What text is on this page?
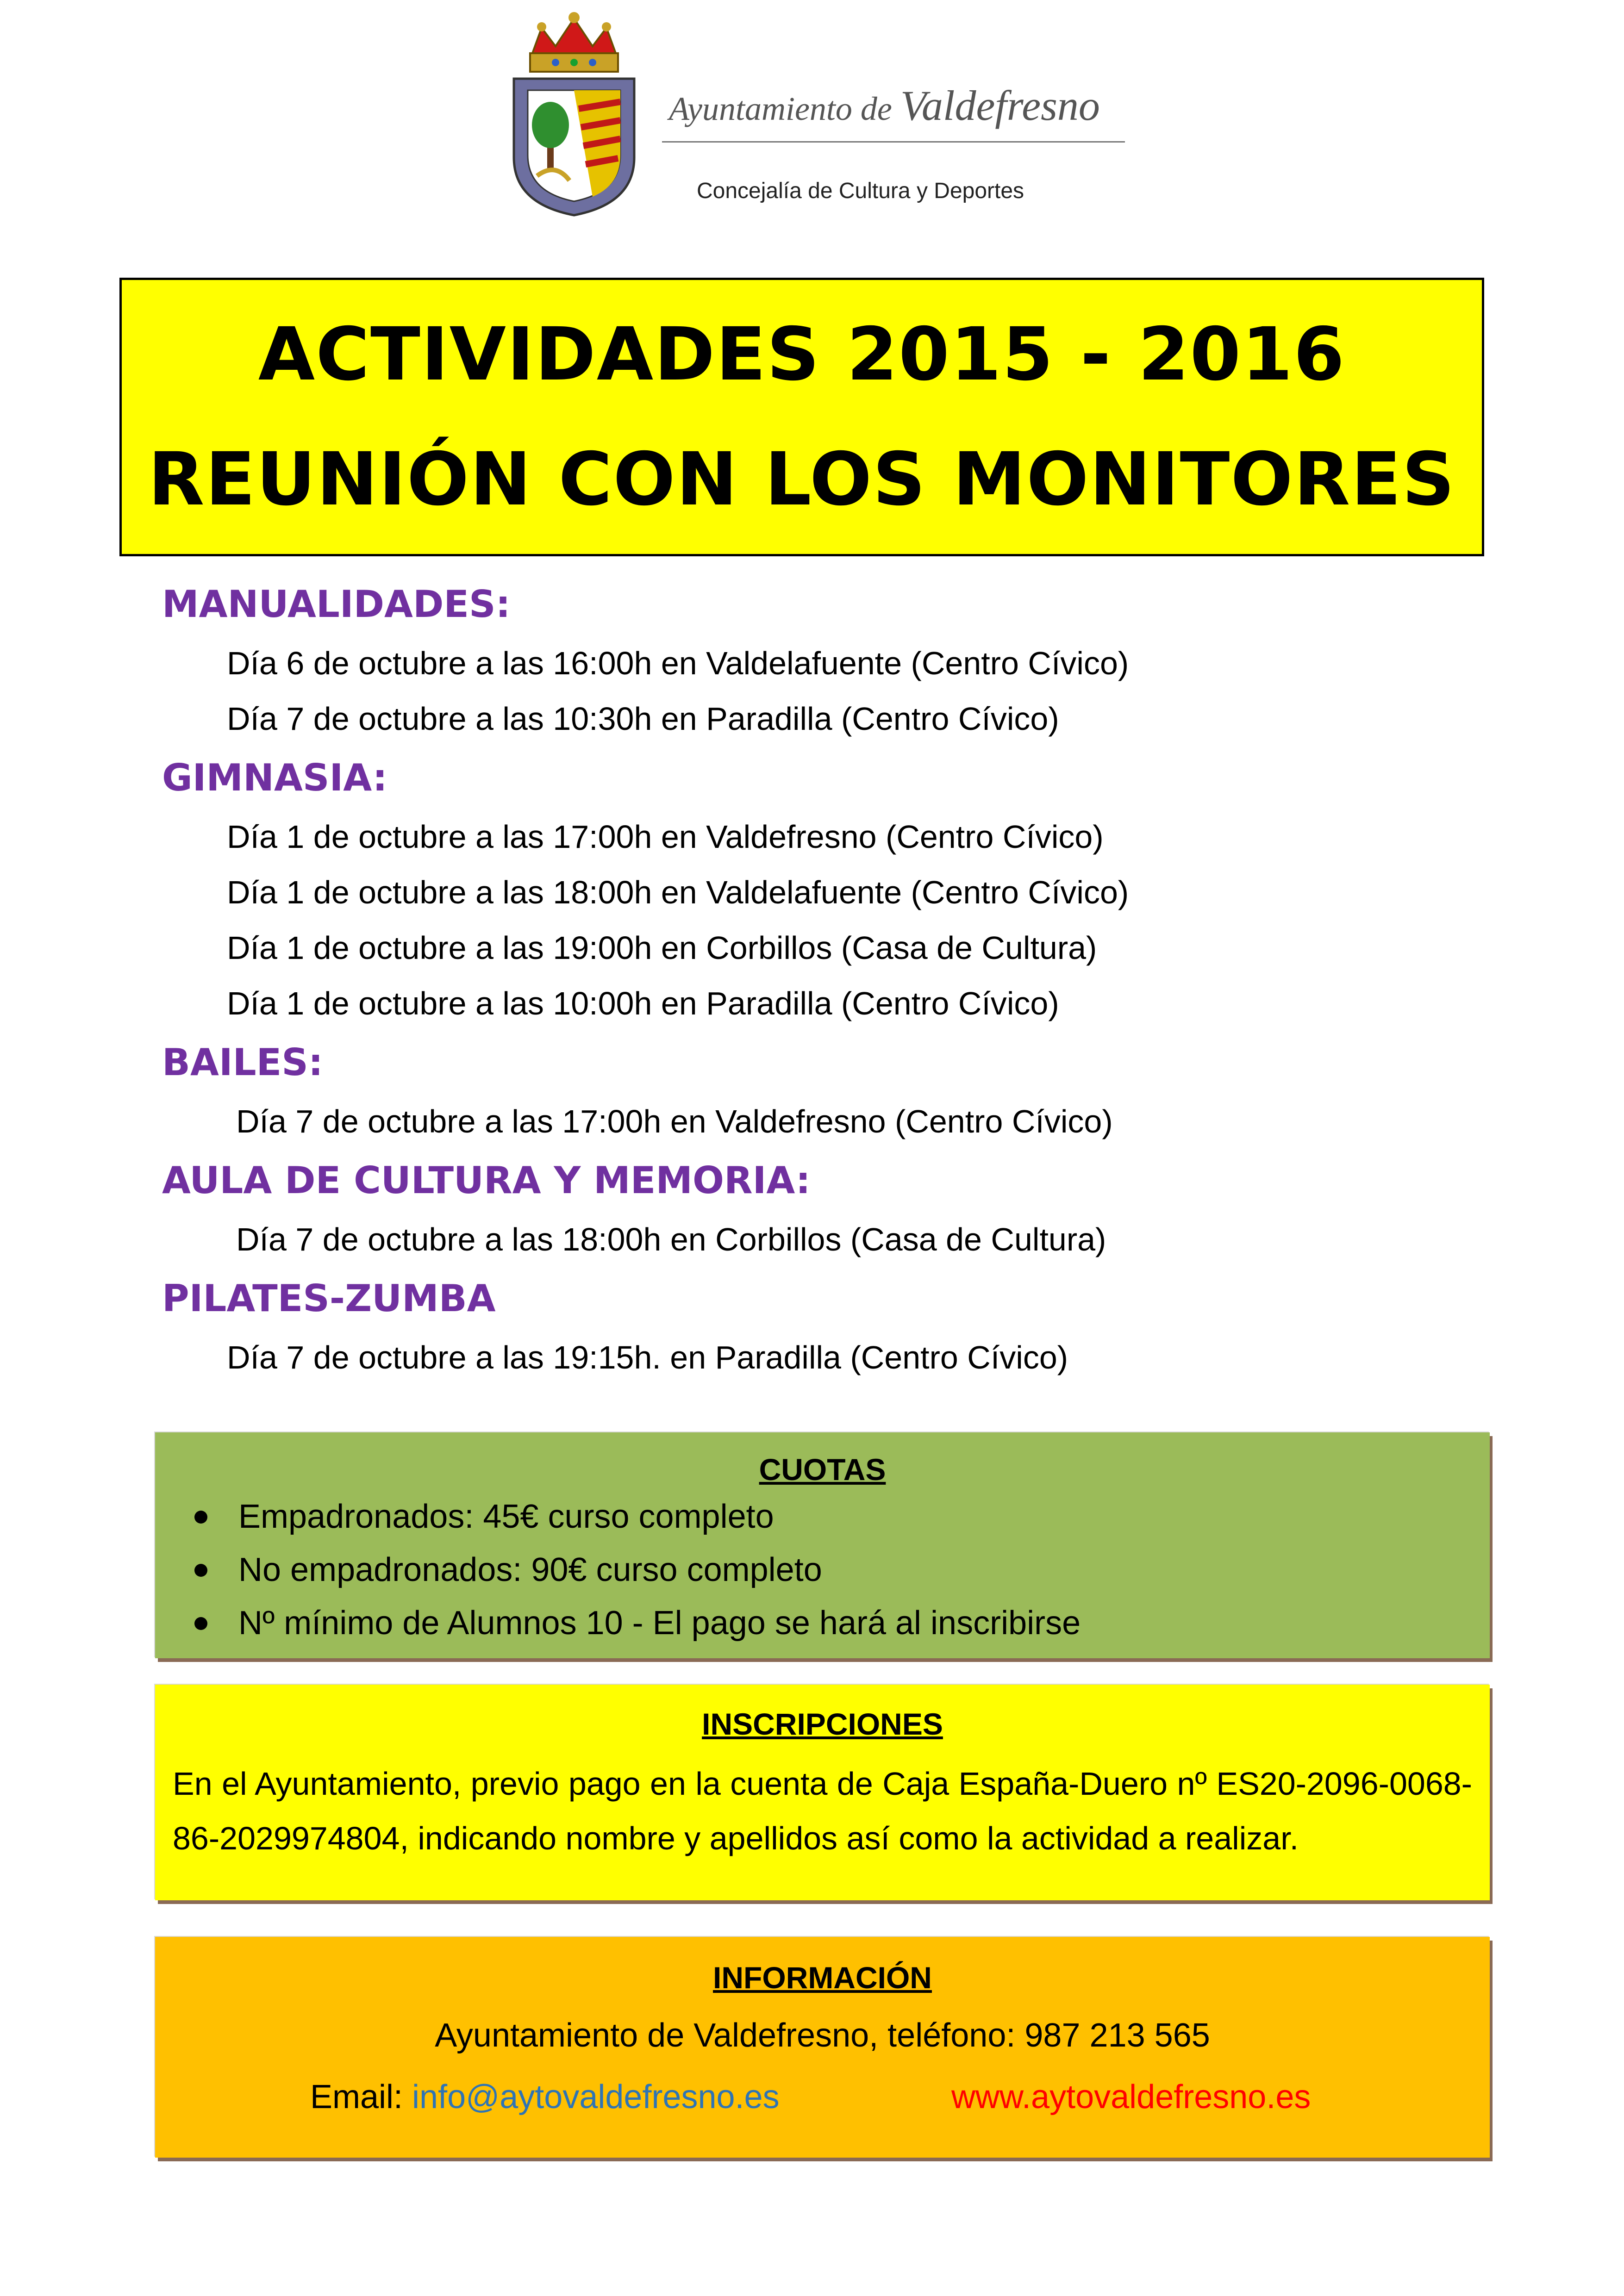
Ayuntamiento de Valdefresno
Concejalía de Cultura y Deportes
ACTIVIDADES 2015 - 2016
REUNIÓN CON LOS MONITORES
MANUALIDADES:
Día 6 de octubre a las 16:00h en Valdelafuente (Centro Cívico)
Día 7 de octubre a las 10:30h en Paradilla (Centro Cívico)
GIMNASIA:
Día 1 de octubre a las 17:00h en Valdefresno (Centro Cívico)
Día 1 de octubre a las 18:00h en Valdelafuente (Centro Cívico)
Día 1 de octubre a las 19:00h en Corbillos (Casa de Cultura)
Día 1 de octubre a las 10:00h en Paradilla (Centro Cívico)
BAILES:
Día 7 de octubre a las 17:00h en Valdefresno (Centro Cívico)
AULA DE CULTURA Y MEMORIA:
Día 7 de octubre a las 18:00h en Corbillos (Casa de Cultura)
PILATES-ZUMBA
Día 7 de octubre a las 19:15h. en Paradilla (Centro Cívico)
CUOTAS
Empadronados: 45€ curso completo
No empadronados: 90€ curso completo
Nº mínimo de Alumnos 10 - El pago se hará al inscribirse
INSCRIPCIONES
En el Ayuntamiento, previo pago en la cuenta de Caja España-Duero nº ES20-2096-0068-86-2029974804, indicando nombre y apellidos así como la actividad a realizar.
INFORMACIÓN
Ayuntamiento de Valdefresno, teléfono: 987 213 565
Email: info@aytovaldefresno.es	www.aytovaldefresno.es
